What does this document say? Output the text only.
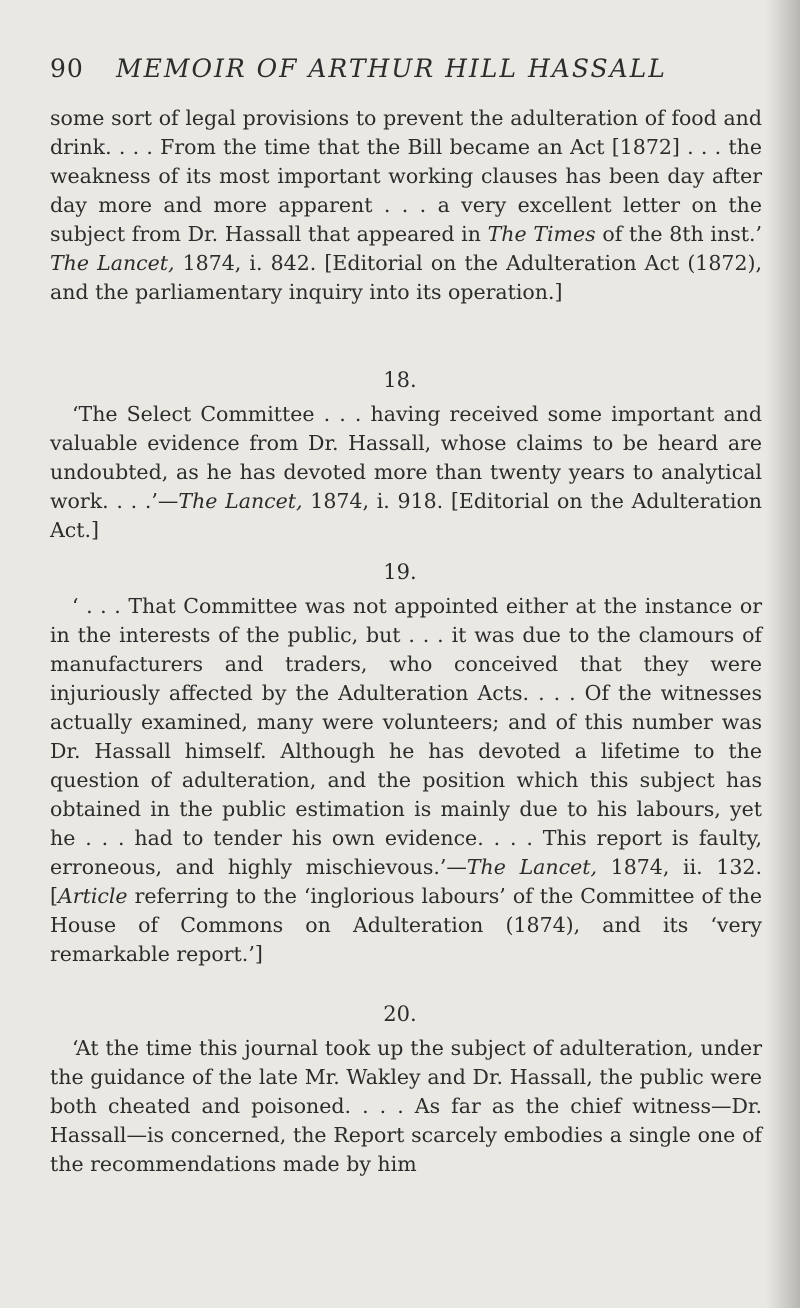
90 MEMOIR OF ARTHUR HILL HASSALL
some sort of legal provisions to prevent the adulteration of food and drink. . . . From the time that the Bill became an Act [1872] . . . the weakness of its most important working clauses has been day after day more and more apparent . . . a very excellent letter on the subject from Dr. Hassall that appeared in The Times of the 8th inst.’ The Lancet, 1874, i. 842. [Editorial on the Adulteration Act (1872), and the parliamentary inquiry into its operation.]
18.
‘The Select Committee . . . having received some important and valuable evidence from Dr. Hassall, whose claims to be heard are undoubted, as he has devoted more than twenty years to analytical work. . . .’—The Lancet, 1874, i. 918. [Editorial on the Adulteration Act.]
19.
‘ . . . That Committee was not appointed either at the instance or in the interests of the public, but . . . it was due to the clamours of manufacturers and traders, who conceived that they were injuriously affected by the Adulteration Acts. . . . Of the witnesses actually examined, many were volunteers; and of this number was Dr. Hassall himself. Although he has devoted a lifetime to the question of adulteration, and the position which this subject has obtained in the public estimation is mainly due to his labours, yet he . . . had to tender his own evidence. . . . This report is faulty, erroneous, and highly mischievous.’—The Lancet, 1874, ii. 132. [Article referring to the ‘inglorious labours’ of the Committee of the House of Commons on Adulteration (1874), and its ‘very remarkable report.’]
20.
‘At the time this journal took up the subject of adulteration, under the guidance of the late Mr. Wakley and Dr. Hassall, the public were both cheated and poisoned. . . . As far as the chief witness—Dr. Hassall—is concerned, the Report scarcely embodies a single one of the recommendations made by him
